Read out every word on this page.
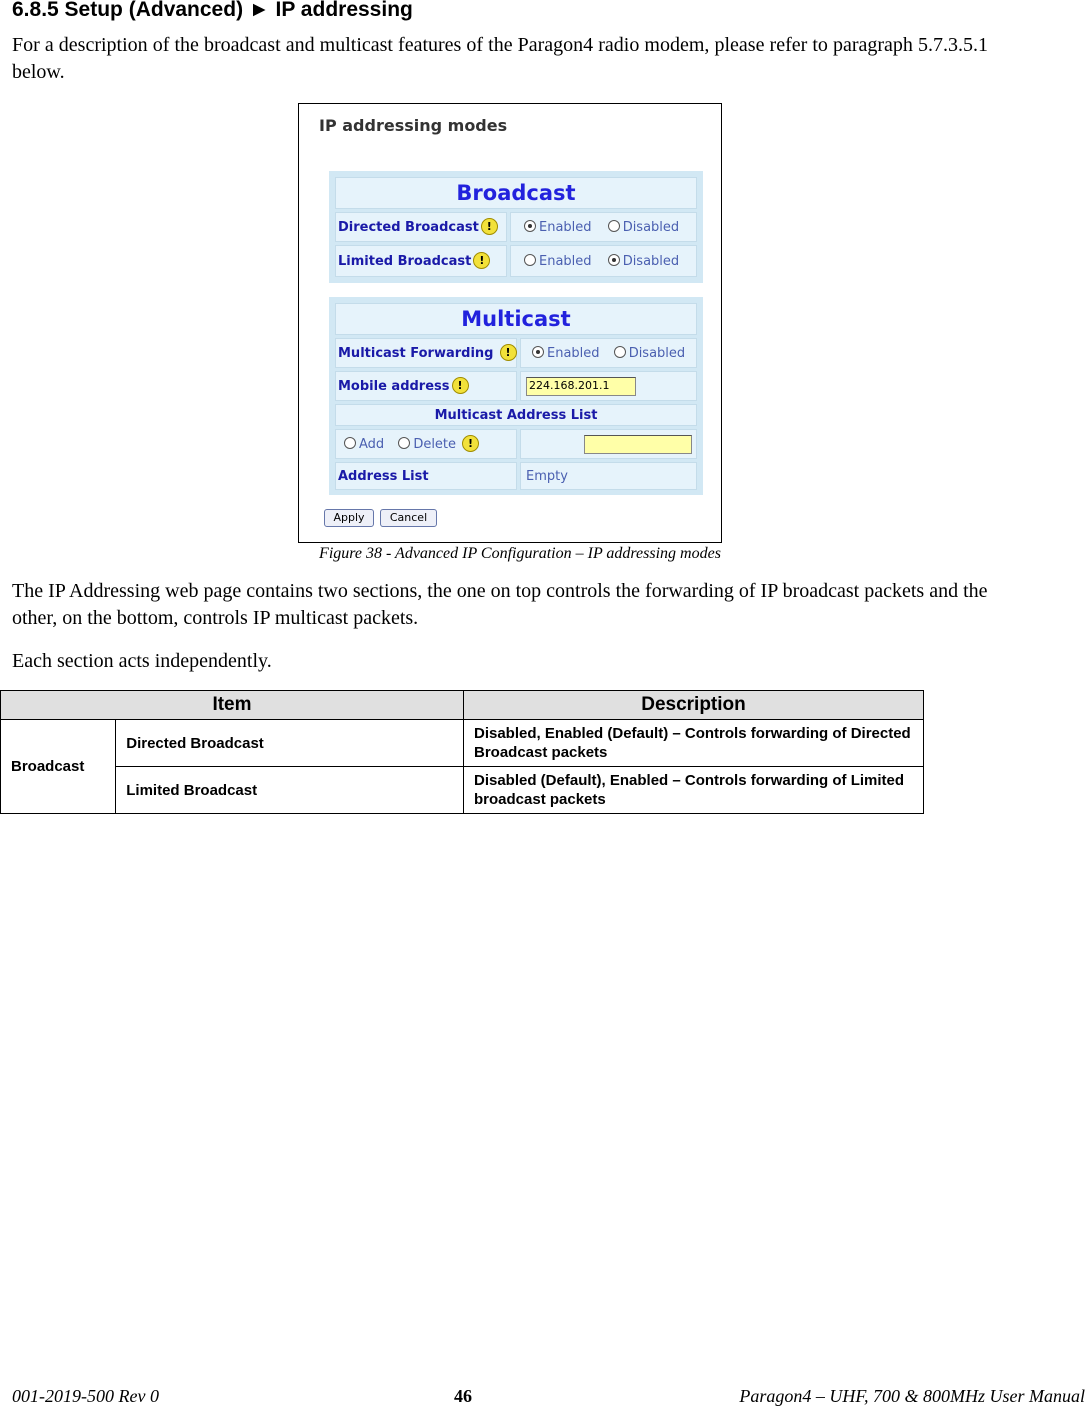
6.8.5 Setup (Advanced) ► IP addressing
For a description of the broadcast and multicast features of the Paragon4 radio modem, please refer to paragraph 5.7.3.5.1 below.
IP addressing modes
Broadcast
Directed Broadcast !	Enabled Disabled
Limited Broadcast !	Enabled Disabled
Multicast
Multicast Forwarding !	Enabled Disabled
Mobile address !	224.168.201.1
Multicast Address List
Add Delete !
Address List	Empty
Apply	Cancel
Figure 38 - Advanced IP Configuration – IP addressing modes
The IP Addressing web page contains two sections, the one on top controls the forwarding of IP broadcast packets and the other, on the bottom, controls IP multicast packets.
Each section acts independently.
Item		Description
Broadcast	Directed Broadcast	Disabled, Enabled (Default) – Controls forwarding of Directed Broadcast packets
	Limited Broadcast	Disabled (Default), Enabled – Controls forwarding of Limited broadcast packets
001-2019-500 Rev 0	46	Paragon4 – UHF, 700 & 800MHz User Manual
